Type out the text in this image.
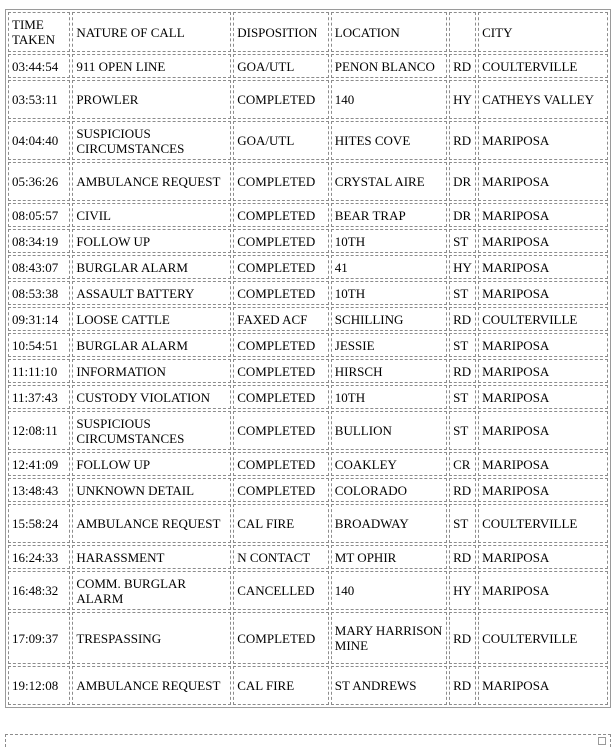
TIME TAKEN	NATURE OF CALL	DISPOSITION	LOCATION		CITY
03:44:54	911 OPEN LINE	GOA/UTL	PENON BLANCO	RD	COULTERVILLE
03:53:11	PROWLER	COMPLETED	140	HY	CATHEYS VALLEY
04:04:40	SUSPICIOUS CIRCUMSTANCES	GOA/UTL	HITES COVE	RD	MARIPOSA
05:36:26	AMBULANCE REQUEST	COMPLETED	CRYSTAL AIRE	DR	MARIPOSA
08:05:57	CIVIL	COMPLETED	BEAR TRAP	DR	MARIPOSA
08:34:19	FOLLOW UP	COMPLETED	10TH	ST	MARIPOSA
08:43:07	BURGLAR ALARM	COMPLETED	41	HY	MARIPOSA
08:53:38	ASSAULT BATTERY	COMPLETED	10TH	ST	MARIPOSA
09:31:14	LOOSE CATTLE	FAXED ACF	SCHILLING	RD	COULTERVILLE
10:54:51	BURGLAR ALARM	COMPLETED	JESSIE	ST	MARIPOSA
11:11:10	INFORMATION	COMPLETED	HIRSCH	RD	MARIPOSA
11:37:43	CUSTODY VIOLATION	COMPLETED	10TH	ST	MARIPOSA
12:08:11	SUSPICIOUS CIRCUMSTANCES	COMPLETED	BULLION	ST	MARIPOSA
12:41:09	FOLLOW UP	COMPLETED	COAKLEY	CR	MARIPOSA
13:48:43	UNKNOWN DETAIL	COMPLETED	COLORADO	RD	MARIPOSA
15:58:24	AMBULANCE REQUEST	CAL FIRE	BROADWAY	ST	COULTERVILLE
16:24:33	HARASSMENT	N CONTACT	MT OPHIR	RD	MARIPOSA
16:48:32	COMM. BURGLAR ALARM	CANCELLED	140	HY	MARIPOSA
17:09:37	TRESPASSING	COMPLETED	MARY HARRISON MINE	RD	COULTERVILLE
19:12:08	AMBULANCE REQUEST	CAL FIRE	ST ANDREWS	RD	MARIPOSA
